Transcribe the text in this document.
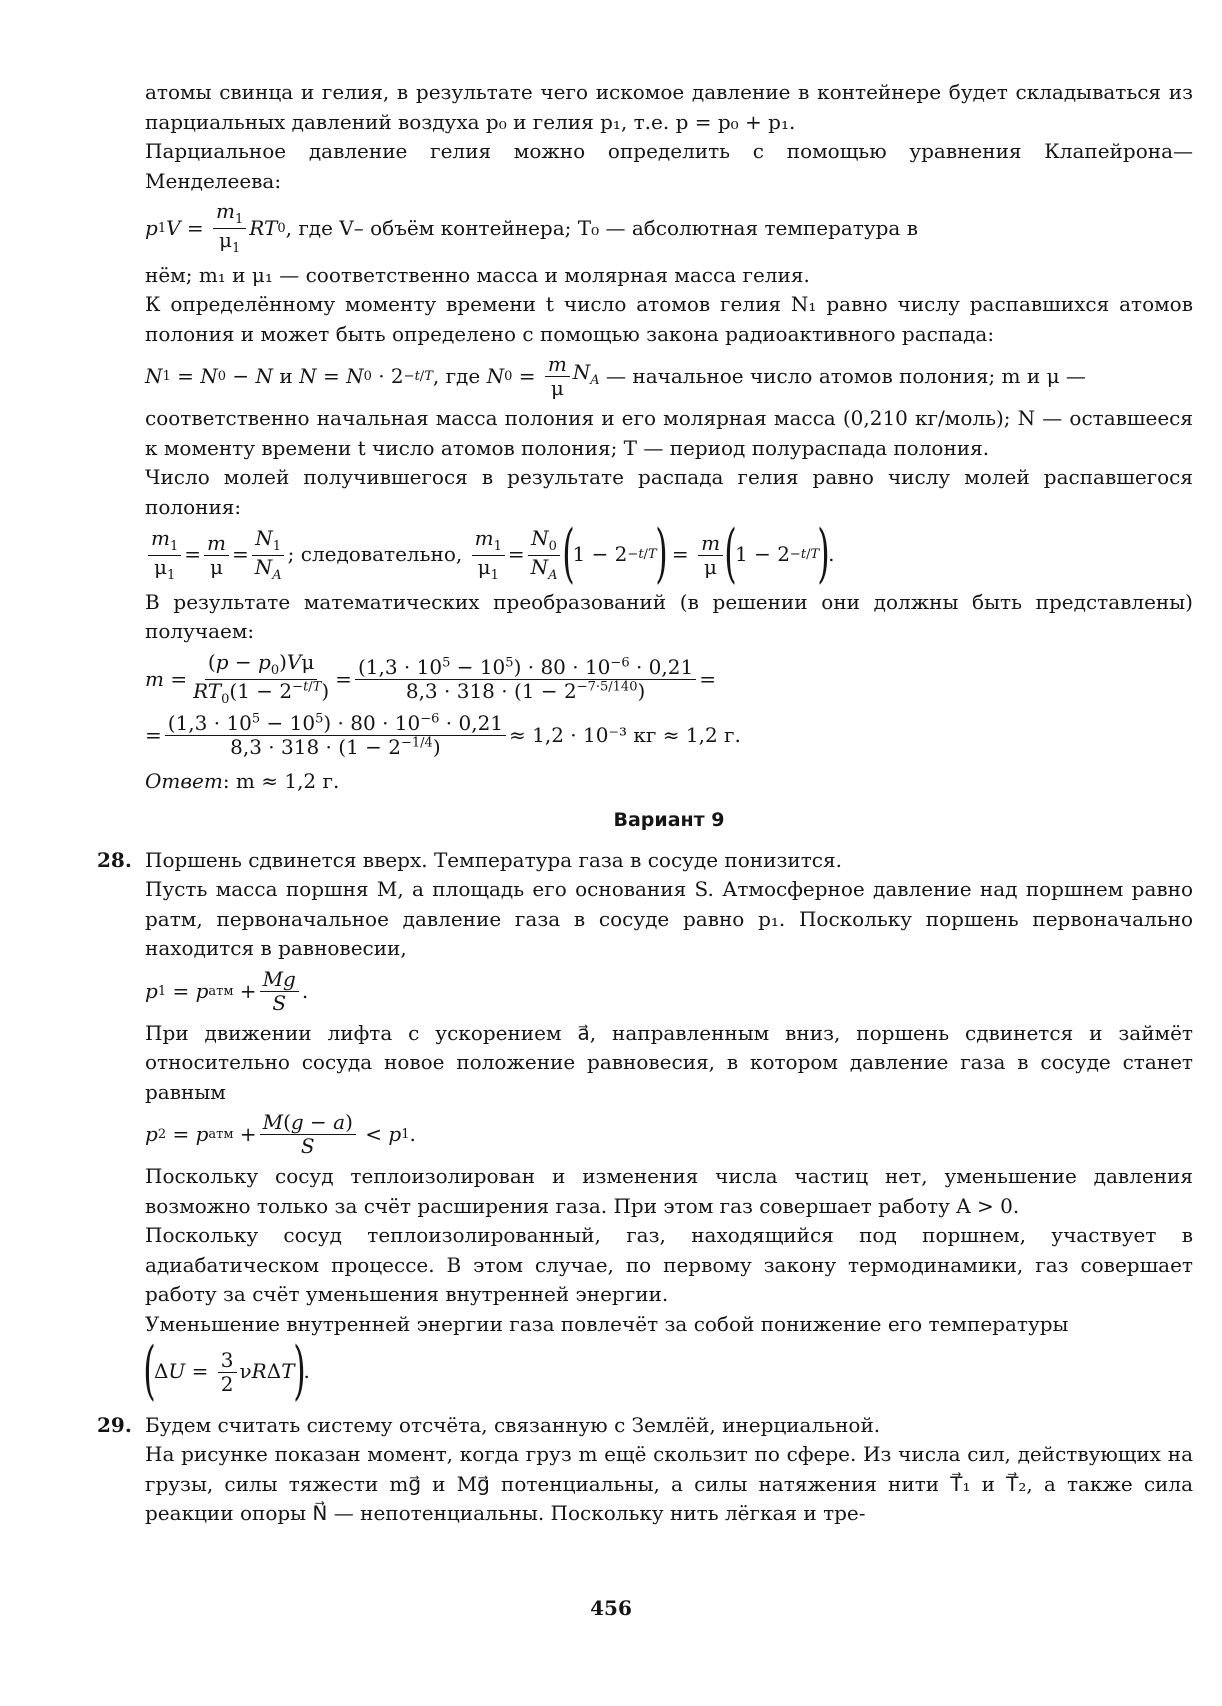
атомы свинца и гелия, в результате чего искомое давление в контейнере будет складываться из парциальных давлений воздуха p₀ и гелия p₁, т.е. p = p₀ + p₁.

Парциальное давление гелия можно определить с помощью уравнения Клапейрона—Менделеева:

p 1 $V = \frac{m_1}{\mu_1}$ RT 0 , где V– объём контейнера; T₀ — абсолютная температура в

нём; m₁ и μ₁ — соответственно масса и молярная масса гелия.

К определённому моменту времени t число атомов гелия N₁ равно числу распавшихся атомов полония и может быть определено с помощью закона радиоактивного распада:

N 1 = N 0 − N
и
N = N 0 · 2 −t/T , где
N $0 = \frac{m}{\mu} N_A$
— начальное число атомов полония; m и μ —

соответственно начальная масса полония и его молярная масса (0,210 кг/моль); N — оставшееся к моменту времени t число атомов полония; T — период полураспада полония.

Число молей получившегося в результате распада гелия равно числу молей распавшегося полония:

$\frac{m_1}{\mu_1} = \frac{m}{\mu} = \frac{N_1}{N_A}$ ; следовательно,
$\frac{m_1}{\mu_1} = \frac{N_0}{N_A}$ (
1 − 2 −t/T
)
= $\frac{m}{\mu}$ (
1 − 2 −t/T
)
.

В результате математических преобразований (в решении они должны быть представлены) получаем:

$m = \frac{(p - p_0)V\mu}{RT_0(1 - 2^{-t/T})} = \frac{(1,3 \cdot 10^5 - 10^5) \cdot 80 \cdot 10^{-6} \cdot 0,21}{8,3 \cdot 318 \cdot (1 - 2^{-7\cdot 5/140})}$ =
= $\frac{(1,3 \cdot 10^5 - 10^5) \cdot 80 \cdot 10^{-6} \cdot 0,21}{8,3 \cdot 318 \cdot (1 - 2^{-1/4})} \approx 1,2 \cdot 10^{-3}$ кг ≈ 1,2 г.

Ответ: m ≈ 1,2 г.

Вариант 9
28. Поршень сдвинется вверх. Температура газа в сосуде понизится.

Пусть масса поршня M, а площадь его основания S. Атмосферное давление над поршнем равно pатм, первоначальное давление газа в сосуде равно p₁. Поскольку поршень первоначально находится в равновесии,

p 1 = p атм + $\frac{Mg}{S}$ .

При движении лифта с ускорением a⃗, направленным вниз, поршень сдвинется и займёт относительно сосуда новое положение равновесия, в котором давление газа в сосуде станет равным

p 2 = p атм + $\frac{M(g - a)}{S} < p$ 1 .

Поскольку сосуд теплоизолирован и изменения числа частиц нет, уменьшение давления возможно только за счёт расширения газа. При этом газ совершает работу A > 0.

Поскольку сосуд теплоизолированный, газ, находящийся под поршнем, участвует в адиабатическом процессе. В этом случае, по первому закону термодинамики, газ совершает работу за счёт уменьшения внутренней энергии.

Уменьшение внутренней энергии газа повлечёт за собой понижение его температуры

(
Δ $U = \frac{3}{2}$ ν R Δ T
)
.
29. Будем считать систему отсчёта, связанную с Землёй, инерциальной.

На рисунке показан момент, когда груз m ещё скользит по сфере. Из числа сил, действующих на грузы, силы тяжести mg⃗ и Mg⃗ потенциальны, а силы натяжения нити T⃗₁ и T⃗₂, а также сила реакции опоры N⃗ — непотенциальны. Поскольку нить лёгкая и тре-

456
